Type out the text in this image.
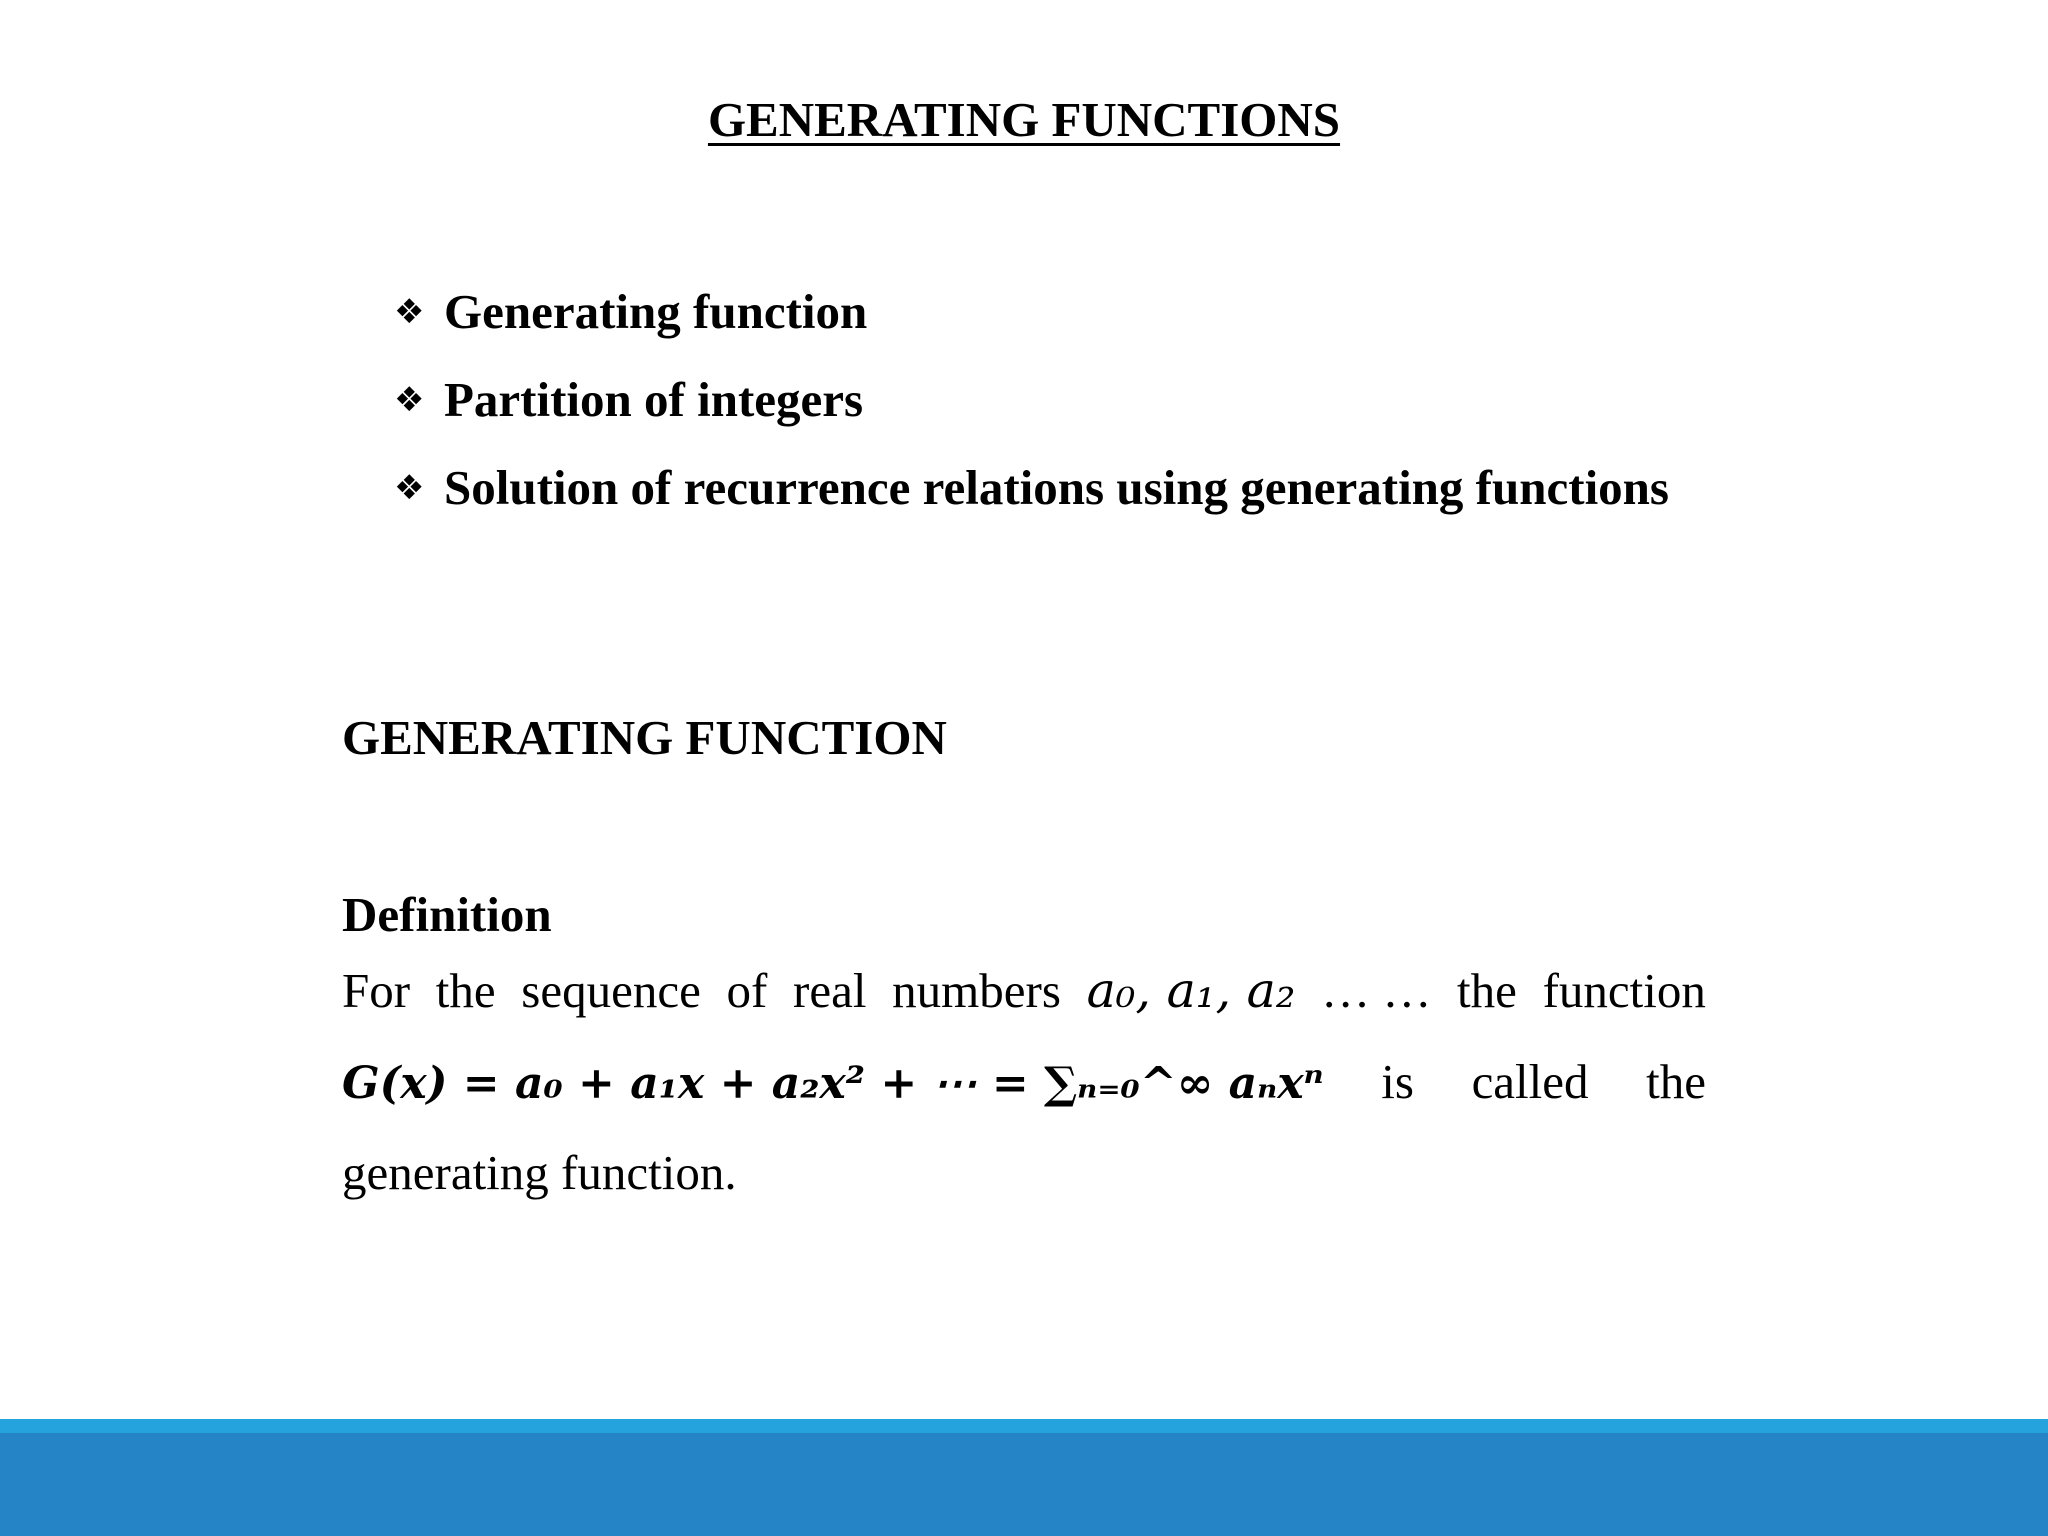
GENERATING FUNCTIONS
❖ Generating function
❖ Partition of integers
❖ Solution of recurrence relations using generating functions
GENERATING FUNCTION
Definition
For the sequence of real numbers a₀, a₁, a₂ … … the function
G(x) = a₀ + a₁x + a₂x² + ⋯ = ∑ₙ₌₀^∞ aₙxⁿ is called the
generating function.
